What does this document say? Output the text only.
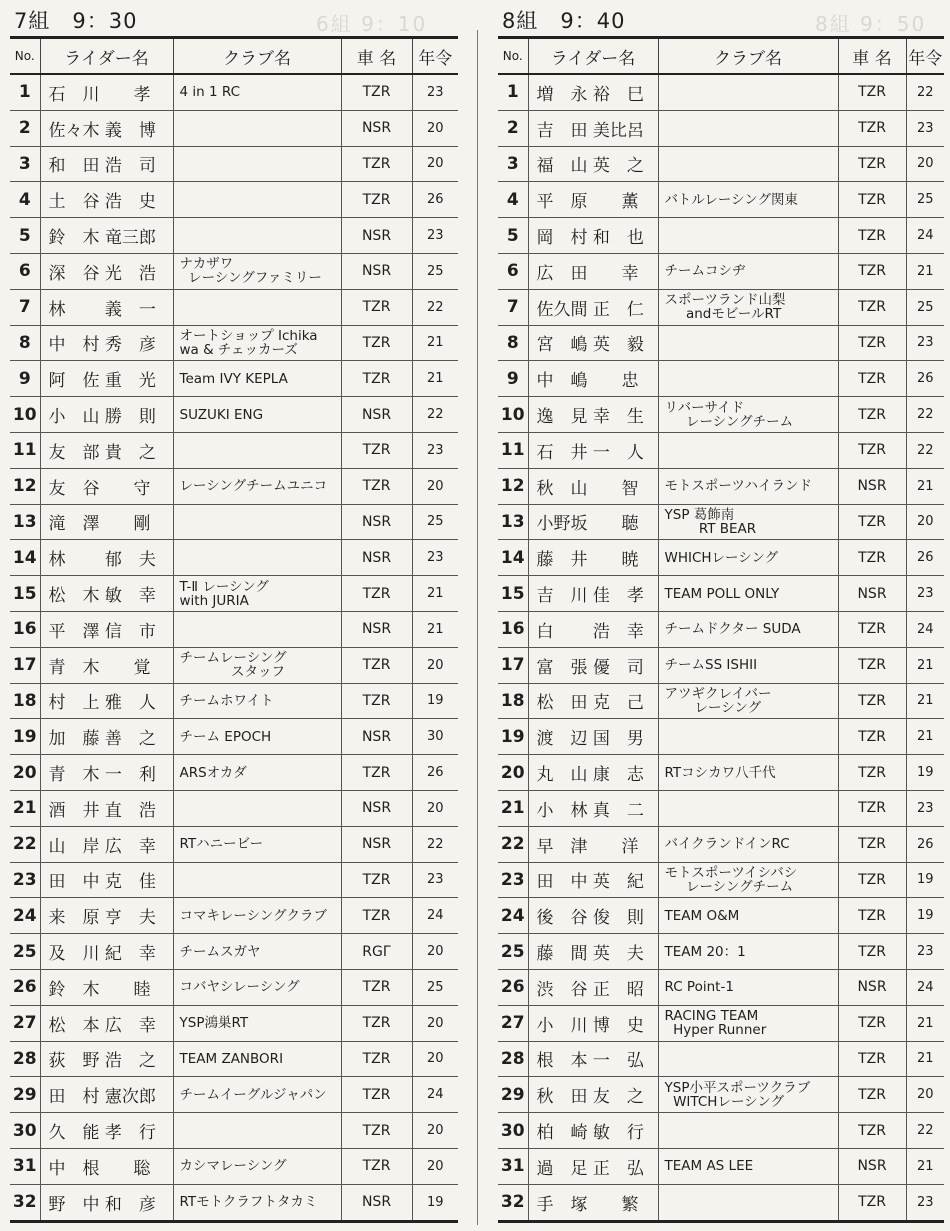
6組 9：10	8組 9：50
7組　9：30
No.	ライダー名	クラブ名	車 名	年令
1	石　川　　孝	4 in 1 RC	TZR	23
2	佐々木 義　博		NSR	20
3	和　田 浩　司		TZR	20
4	土　谷 浩　史		TZR	26
5	鈴　木 竜三郎		NSR	23
6	深　谷 光　浩	ナカザワ
レーシングファミリー	NSR	25
7	林　　 義　一		TZR	22
8	中　村 秀　彦	オートショップ Ichika
wa & チェッカーズ	TZR	21
9	阿　佐 重　光	Team IVY KEPLA	TZR	21
10	小　山 勝　則	SUZUKI ENG	NSR	22
11	友　部 貴　之		TZR	23
12	友　谷　　守	レーシングチームユニコ	TZR	20
13	滝　澤　　剛		NSR	25
14	林　　 郁　夫		NSR	23
15	松　木 敏　幸	T-Ⅱ レーシング
with JURIA	TZR	21
16	平　澤 信　市		NSR	21
17	青　木　　覚	チームレーシング
スタッフ	TZR	20
18	村　上 雅　人	チームホワイト	TZR	19
19	加　藤 善　之	チーム EPOCH	NSR	30
20	青　木 一　利	ARSオカダ	TZR	26
21	酒　井 直　浩		NSR	20
22	山　岸 広　幸	RTハニービー	NSR	22
23	田　中 克　佳		TZR	23
24	来　原 亨　夫	コマキレーシングクラブ	TZR	24
25	及　川 紀　幸	チームスガヤ	RGΓ	20
26	鈴　木　　睦	コバヤシレーシング	TZR	25
27	松　本 広　幸	YSP鴻巣RT	TZR	20
28	荻　野 浩　之	TEAM ZANBORI	TZR	20
29	田　村 憲次郎	チームイーグルジャパン	TZR	24
30	久　能 孝　行		TZR	20
31	中　根　　聡	カシマレーシング	TZR	20
32	野　中 和　彦	RTモトクラフトタカミ	NSR	19
8組　9：40
No.	ライダー名	クラブ名	車 名	年令
1	増　永 裕　巳		TZR	22
2	吉　田 美比呂		TZR	23
3	福　山 英　之		TZR	20
4	平　原　　薫	バトルレーシング関東	TZR	25
5	岡　村 和　也		TZR	24
6	広　田　　幸	チームコシヂ	TZR	21
7	佐久間 正　仁	スポーツランド山梨
andモビールRT	TZR	25
8	宮　嶋 英　毅		TZR	23
9	中　嶋　　忠		TZR	26
10	逸　見 幸　生	リバーサイド
レーシングチーム	TZR	22
11	石　井 一　人		TZR	22
12	秋　山　　智	モトスポーツハイランド	NSR	21
13	小野坂　　聴	YSP 葛飾南
RT BEAR	TZR	20
14	藤　井　　暁	WHICHレーシング	TZR	26
15	吉　川 佳　孝	TEAM POLL ONLY	NSR	23
16	白　　 浩　幸	チームドクター SUDA	TZR	24
17	富　張 優　司	チームSS ISHII	TZR	21
18	松　田 克　己	アツギクレイバー
レーシング	TZR	21
19	渡　辺 国　男		TZR	21
20	丸　山 康　志	RTコシカワ八千代	TZR	19
21	小　林 真　二		TZR	23
22	早　津　　洋	バイクランドインRC	TZR	26
23	田　中 英　紀	モトスポーツイシバシ
レーシングチーム	TZR	19
24	後　谷 俊　則	TEAM O&M	TZR	19
25	藤　間 英　夫	TEAM 20：1	TZR	23
26	渋　谷 正　昭	RC Point-1	NSR	24
27	小　川 博　史	RACING TEAM
Hyper Runner	TZR	21
28	根　本 一　弘		TZR	21
29	秋　田 友　之	YSP小平スポーツクラブ
WITCHレーシング	TZR	20
30	柏　崎 敏　行		TZR	22
31	過　足 正　弘	TEAM AS LEE	NSR	21
32	手　塚　　繁		TZR	23
